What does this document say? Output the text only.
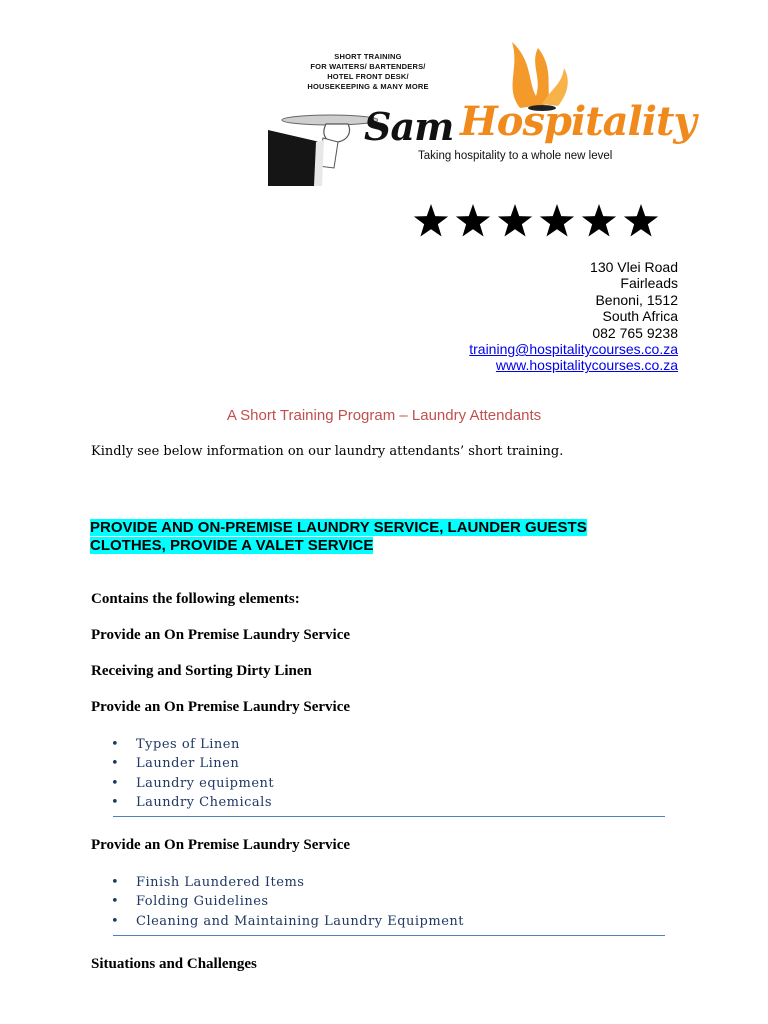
SHORT TRAINING
FOR WAITERS/ BARTENDERS/
HOTEL FRONT DESK/
HOUSEKEEPING & MANY MORE
Sam Hospitality
Taking hospitality to a whole new level
130 Vlei Road
Fairleads
Benoni, 1512
South Africa
082 765 9238
training@hospitalitycourses.co.za
www.hospitalitycourses.co.za
A Short Training Program – Laundry Attendants
Kindly see below information on our laundry attendants’ short training.
PROVIDE AND ON-PREMISE LAUNDRY SERVICE, LAUNDER GUESTS
CLOTHES, PROVIDE A VALET SERVICE
Contains the following elements:
Provide an On Premise Laundry Service
Receiving and Sorting Dirty Linen
Provide an On Premise Laundry Service
• Types of Linen
• Launder Linen
• Laundry equipment
• Laundry Chemicals
Provide an On Premise Laundry Service
• Finish Laundered Items
• Folding Guidelines
• Cleaning and Maintaining Laundry Equipment
Situations and Challenges
